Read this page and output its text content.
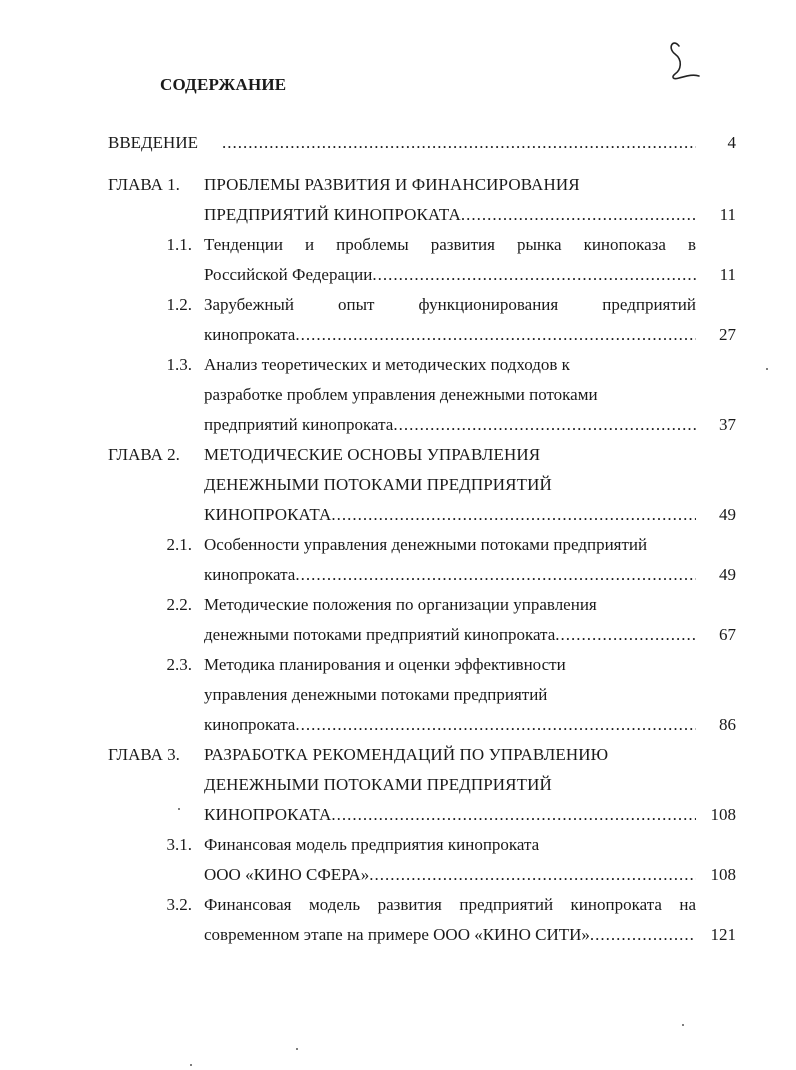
СОДЕРЖАНИЕ
ВВЕДЕНИЕ .....	4
ГЛАВА 1.	ПРОБЛЕМЫ РАЗВИТИЯ И ФИНАНСИРОВАНИЯ
ПРЕДПРИЯТИЙ КИНОПРОКАТА .....	11
1.1. Тенденции и проблемы развития рынка кинопоказа в
Российской Федерации .....	11
1.2. Зарубежный опыт функционирования предприятий
кинопроката .....	27
1.3. Анализ теоретических и методических подходов к
разработке проблем управления денежными потоками
предприятий кинопроката .....	37
ГЛАВА 2.	МЕТОДИЧЕСКИЕ ОСНОВЫ УПРАВЛЕНИЯ
ДЕНЕЖНЫМИ ПОТОКАМИ ПРЕДПРИЯТИЙ
КИНОПРОКАТА .....	49
2.1. Особенности управления денежными потоками предприятий
кинопроката .....	49
2.2. Методические положения по организации управления
денежными потоками предприятий кинопроката .....	67
2.3. Методика планирования и оценки эффективности
управления денежными потоками предприятий
кинопроката .....	86
ГЛАВА 3.	РАЗРАБОТКА РЕКОМЕНДАЦИЙ ПО УПРАВЛЕНИЮ
ДЕНЕЖНЫМИ ПОТОКАМИ ПРЕДПРИЯТИЙ
КИНОПРОКАТА .....	108
3.1. Финансовая модель предприятия кинопроката
ООО «КИНО СФЕРА» .....	108
3.2. Финансовая модель развития предприятий кинопроката на
современном этапе на примере ООО «КИНО СИТИ» .....	121
